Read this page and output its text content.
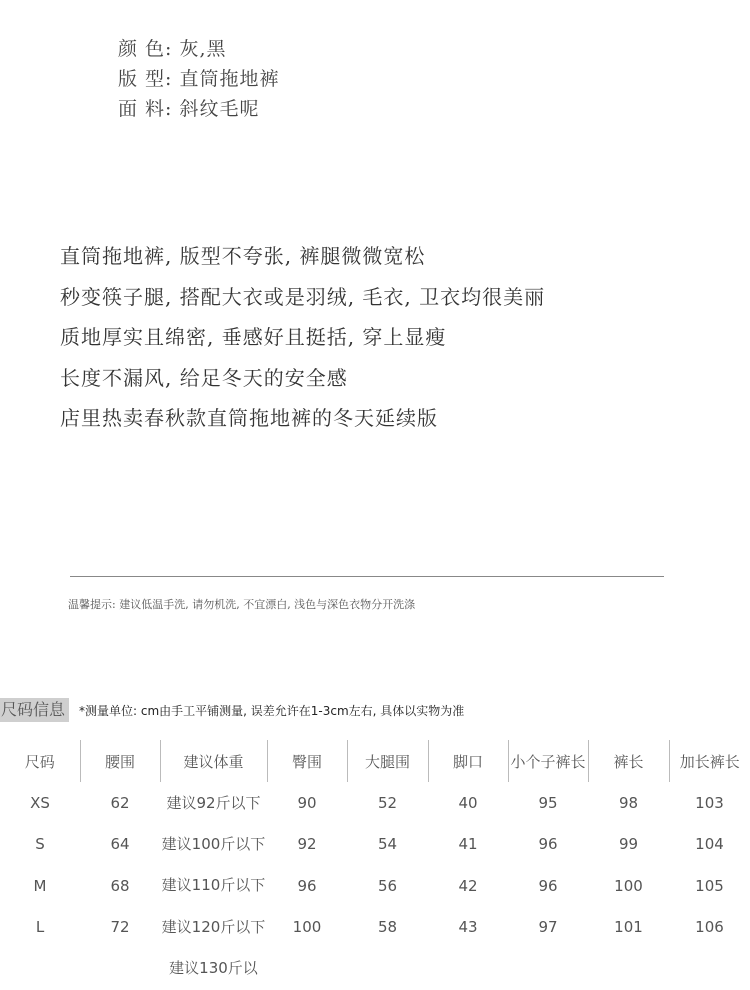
颜 色: 灰,黑
版 型: 直筒拖地裤
面 料: 斜纹毛呢
直筒拖地裤, 版型不夸张, 裤腿微微宽松
秒变筷子腿, 搭配大衣或是羽绒, 毛衣, 卫衣均很美丽
质地厚实且绵密, 垂感好且挺括, 穿上显瘦
长度不漏风, 给足冬天的安全感
店里热卖春秋款直筒拖地裤的冬天延续版
温馨提示: 建议低温手洗, 请勿机洗, 不宜漂白, 浅色与深色衣物分开洗涤
尺码信息	*测量单位: cm由手工平铺测量, 误差允许在1-3cm左右, 具体以实物为准
尺码	腰围	建议体重	臀围	大腿围	脚口	小个子裤长	裤长	加长裤长
XS	62	建议92斤以下	90	52	40	95	98	103
S	64	建议100斤以下	92	54	41	96	99	104
M	68	建议110斤以下	96	56	42	96	100	105
L	72	建议120斤以下	100	58	43	97	101	106
		建议130斤以						
